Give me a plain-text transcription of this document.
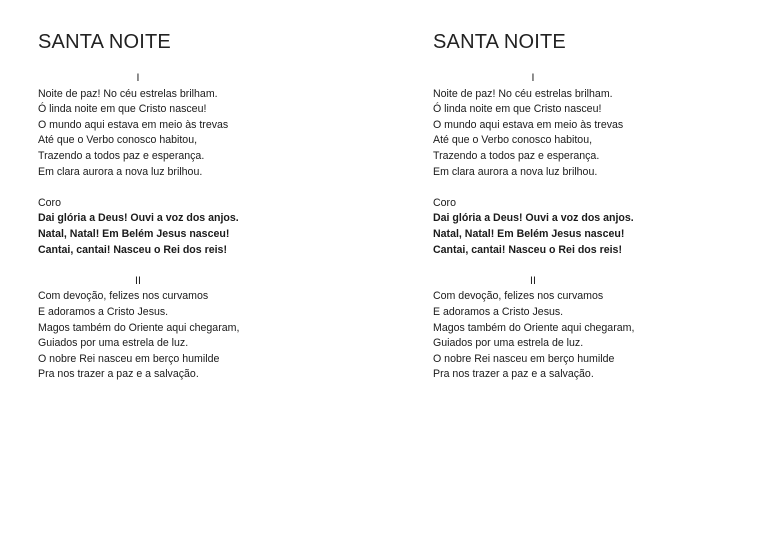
SANTA NOITE
I
Noite de paz! No céu estrelas brilham.
Ó linda noite em que Cristo nasceu!
O mundo aqui estava em meio às trevas
Até que o Verbo conosco habitou,
Trazendo a todos paz e esperança.
Em clara aurora a nova luz brilhou.
Coro
Dai glória a Deus! Ouvi a voz dos anjos.
Natal, Natal! Em Belém Jesus nasceu!
Cantai, cantai! Nasceu o Rei dos reis!
II
Com devoção, felizes nos curvamos
E adoramos a Cristo Jesus.
Magos também do Oriente aqui chegaram,
Guiados por uma estrela de luz.
O nobre Rei nasceu em berço humilde
Pra nos trazer a paz e a salvação.
SANTA NOITE
I
Noite de paz! No céu estrelas brilham.
Ó linda noite em que Cristo nasceu!
O mundo aqui estava em meio às trevas
Até que o Verbo conosco habitou,
Trazendo a todos paz e esperança.
Em clara aurora a nova luz brilhou.
Coro
Dai glória a Deus! Ouvi a voz dos anjos.
Natal, Natal! Em Belém Jesus nasceu!
Cantai, cantai! Nasceu o Rei dos reis!
II
Com devoção, felizes nos curvamos
E adoramos a Cristo Jesus.
Magos também do Oriente aqui chegaram,
Guiados por uma estrela de luz.
O nobre Rei nasceu em berço humilde
Pra nos trazer a paz e a salvação.
